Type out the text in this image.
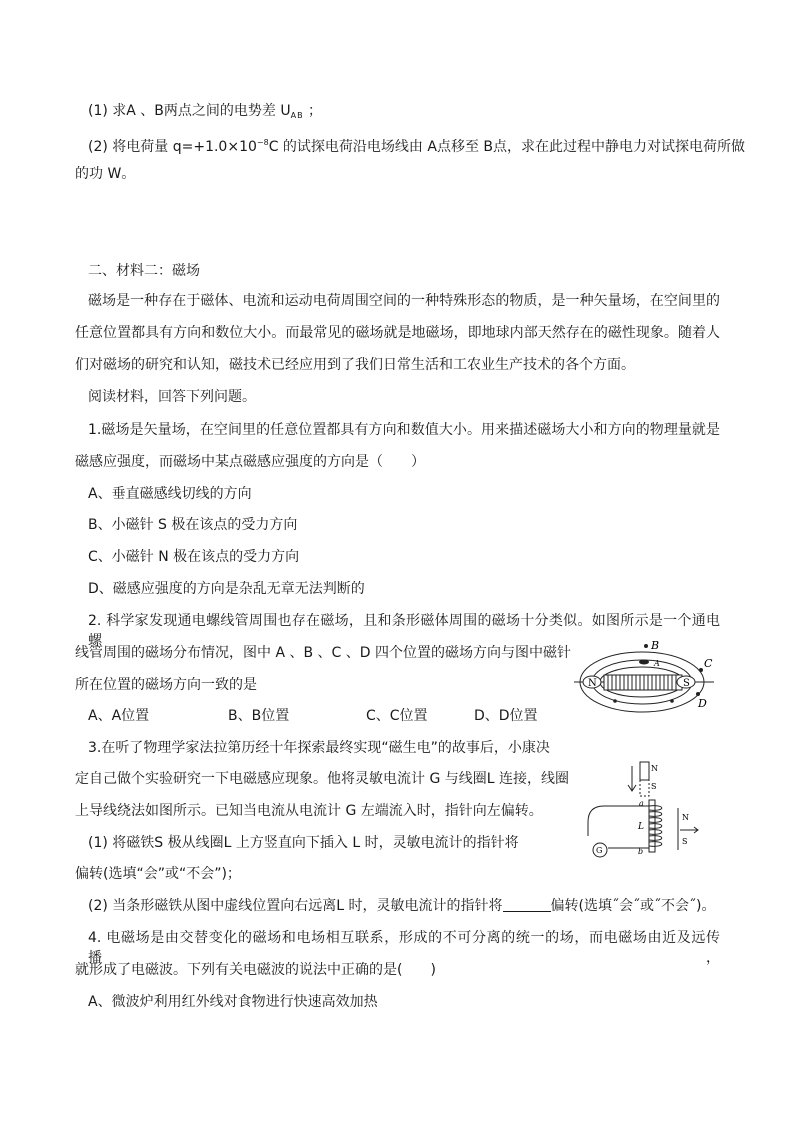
(1) 求A 、B两点之间的电势差 $U_{AB}$ ；
(2) 将电荷量 $q=+1.0\times 10^{-8}C$ 的试探电荷沿电场线由 A点移至 B点，求在此过程中静电力对试探电荷所做
的功 W。
二、材料二：磁场
磁场是一种存在于磁体、电流和运动电荷周围空间的一种特殊形态的物质，是一种矢量场，在空间里的
任意位置都具有方向和数位大小。而最常见的磁场就是地磁场，即地球内部天然存在的磁性现象。随着人
们对磁场的研究和认知，磁技术已经应用到了我们日常生活和工农业生产技术的各个方面。
阅读材料，回答下列问题。
1.磁场是矢量场，在空间里的任意位置都具有方向和数值大小。用来描述磁场大小和方向的物理量就是
磁感应强度，而磁场中某点磁感应强度的方向是（　　）
A、垂直磁感线切线的方向
B、小磁针 S 极在该点的受力方向
C、小磁针 N 极在该点的受力方向
D、磁感应强度的方向是杂乱无章无法判断的
2. 科学家发现通电螺线管周围也存在磁场，且和条形磁体周围的磁场十分类似。如图所示是一个通电螺
线管周围的磁场分布情况，图中 A 、B 、C 、D 四个位置的磁场方向与图中磁针
所在位置的磁场方向一致的是
A、A位置	B、B位置	C、C位置	D、D位置
N	S
B
C
D
A
3.在听了物理学家法拉第历经十年探索最终实现“磁生电”的故事后，小康决
定自己做个实验研究一下电磁感应现象。他将灵敏电流计 G 与线圈L 连接，线圈
上导线绕法如图所示。已知当电流从电流计 G 左端流入时，指针向左偏转。
(1) 将磁铁S 极从线圈L 上方竖直向下插入 L 时，灵敏电流计的指针将
偏转(选填“会”或“不会”)；
(2) 当条形磁铁从图中虚线位置向右远离L 时，灵敏电流计的指针将	偏转(选填˝会˝或˝不会˝)。
N
S
a
L
b
G
N
S
4. 电磁场是由交替变化的磁场和电场相互联系，形成的不可分离的统一的场，而电磁场由近及远传播，
就形成了电磁波。下列有关电磁波的说法中正确的是(　　)
A、微波炉利用红外线对食物进行快速高效加热
